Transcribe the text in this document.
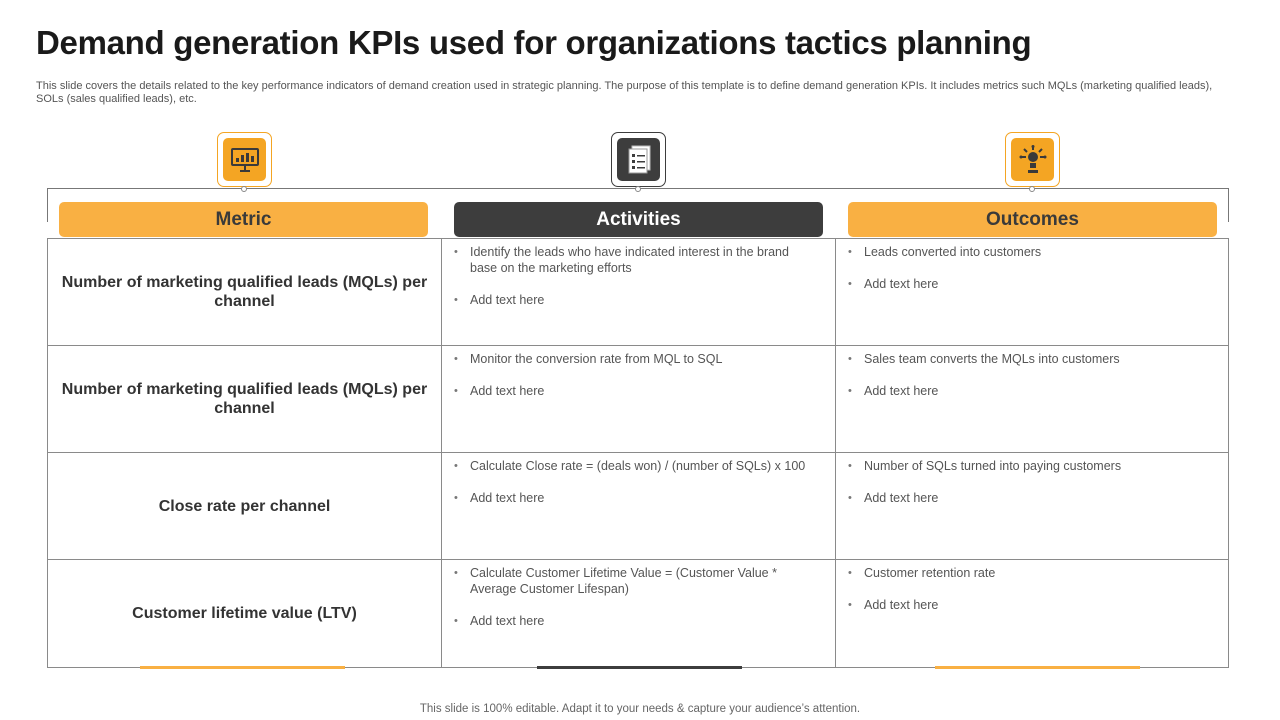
Demand generation KPIs used for organizations tactics planning
This slide covers the details related to the key performance indicators of demand creation used in strategic planning. The purpose of this template is to define demand generation KPIs. It includes metrics such MQLs (marketing qualified leads), SOLs (sales qualified leads), etc.
Metric	Activities	Outcomes
Number of marketing qualified leads (MQLs) per channel
• Identify the leads who have indicated interest in the brand base on the marketing efforts
• Add text here
• Leads converted into customers
• Add text here
Number of marketing qualified leads (MQLs) per channel
• Monitor the conversion rate from MQL to SQL
• Add text here
• Sales team converts the MQLs into customers
• Add text here
Close rate per channel
• Calculate Close rate = (deals won) / (number of SQLs) x 100
• Add text here
• Number of SQLs turned into paying customers
• Add text here
Customer lifetime value (LTV)
• Calculate Customer Lifetime Value = (Customer Value * Average Customer Lifespan)
• Add text here
• Customer retention rate
• Add text here
This slide is 100% editable. Adapt it to your needs & capture your audience’s attention.
